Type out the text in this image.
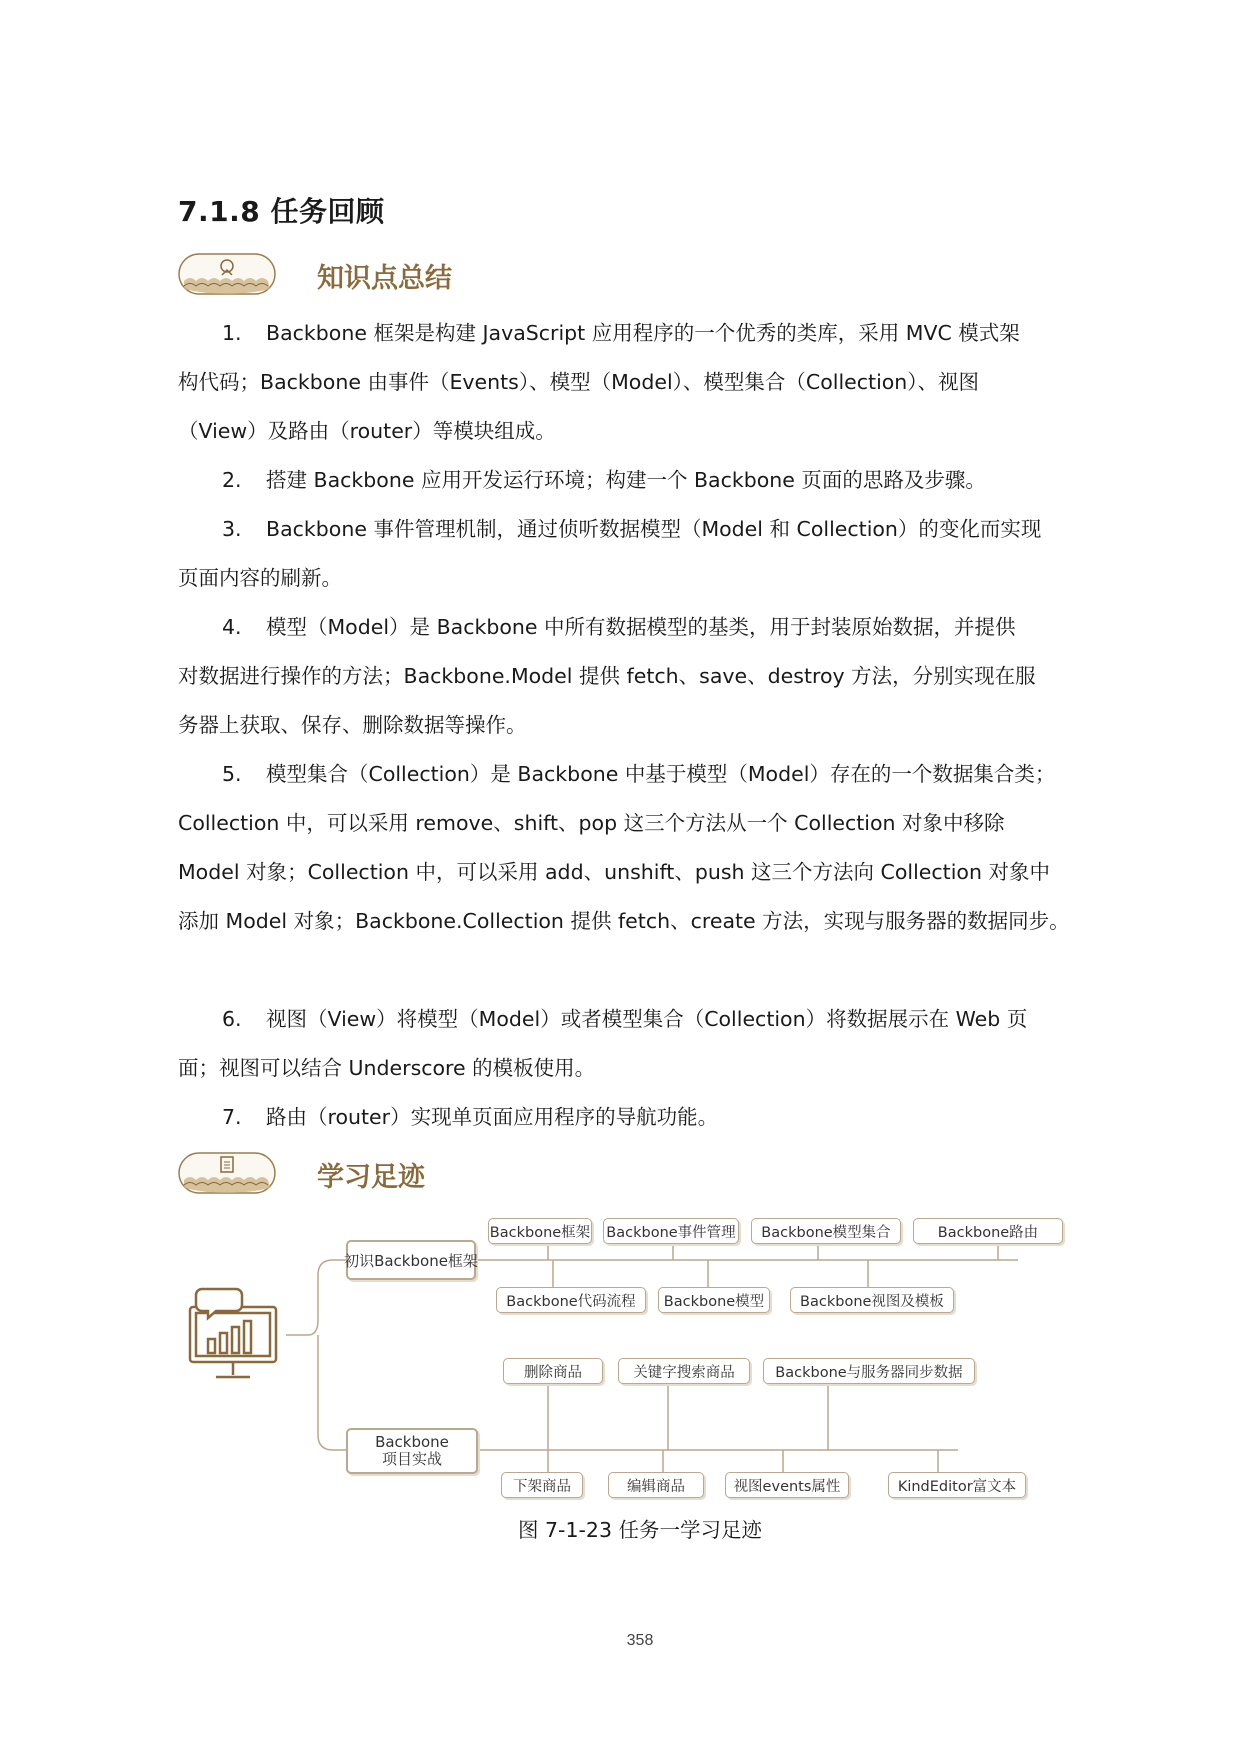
7.1.8 任务回顾
知识点总结

1. Backbone 框架是构建 JavaScript 应用程序的一个优秀的类库，采用 MVC 模式架

构代码；Backbone 由事件（Events）、模型（Model）、模型集合（Collection）、视图

（View）及路由（router）等模块组成。

2. 搭建 Backbone 应用开发运行环境；构建一个 Backbone 页面的思路及步骤。

3. Backbone 事件管理机制，通过侦听数据模型（Model 和 Collection）的变化而实现

页面内容的刷新。

4. 模型（Model）是 Backbone 中所有数据模型的基类，用于封装原始数据，并提供

对数据进行操作的方法；Backbone.Model 提供 fetch、save、destroy 方法，分别实现在服

务器上获取、保存、删除数据等操作。

5. 模型集合（Collection）是 Backbone 中基于模型（Model）存在的一个数据集合类；

Collection 中，可以采用 remove、shift、pop 这三个方法从一个 Collection 对象中移除

Model 对象；Collection 中，可以采用 add、unshift、push 这三个方法向 Collection 对象中

添加 Model 对象；Backbone.Collection 提供 fetch、create 方法，实现与服务器的数据同步。

6. 视图（View）将模型（Model）或者模型集合（Collection）将数据展示在 Web 页

面；视图可以结合 Underscore 的模板使用。

7. 路由（router）实现单页面应用程序的导航功能。

学习足迹
初识Backbone框架
Backbone框架 Backbone事件管理	Backbone模型集合	Backbone路由
Backbone代码流程	Backbone模型	Backbone视图及模板
Backbone
项目实战
删除商品	关键字搜索商品	Backbone与服务器同步数据
下架商品	编辑商品	视图events属性	KindEditor富文本
图 7-1-23 任务一学习足迹
358
